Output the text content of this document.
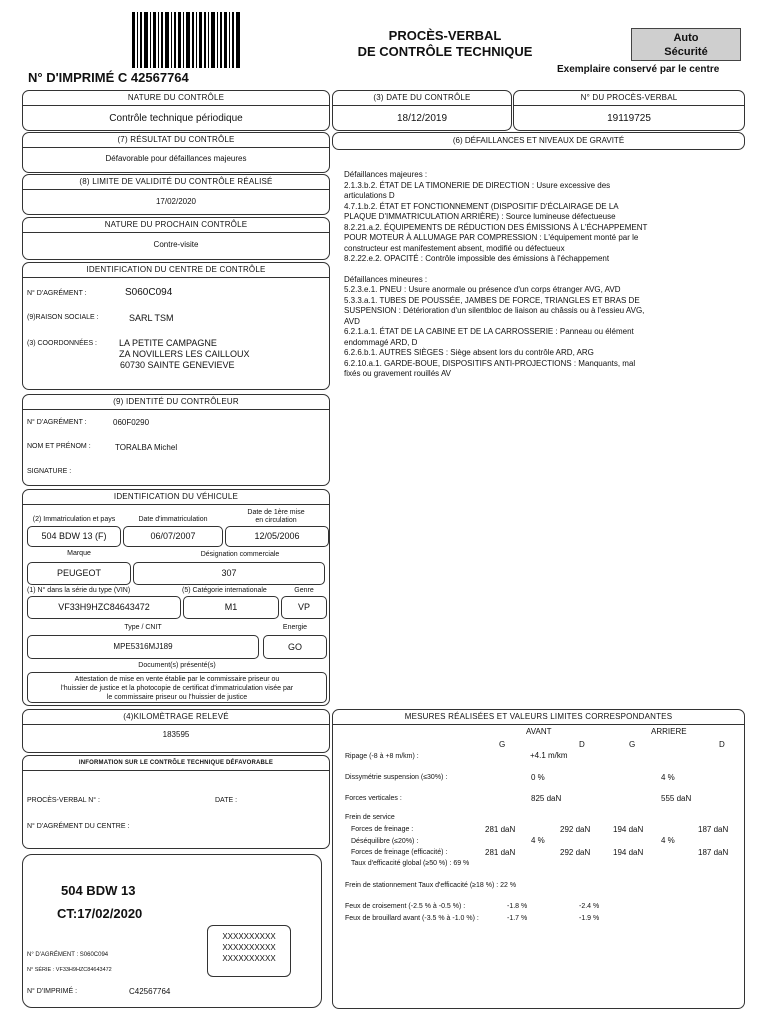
N° D'IMPRIMÉ C 42567764
PROCÈS-VERBAL
DE CONTRÔLE TECHNIQUE
Auto
Sécurité
Exemplaire conservé par le centre
NATURE DU CONTRÔLE
Contrôle technique périodique
(3) DATE DU CONTRÔLE
18/12/2019
N° DU PROCÈS-VERBAL
19119725
(7) RÉSULTAT DU CONTRÔLE
Défavorable pour défaillances majeures
(6) DÉFAILLANCES ET NIVEAUX DE GRAVITÉ
Défaillances majeures :
2.1.3.b.2. ÉTAT DE LA TIMONERIE DE DIRECTION : Usure excessive des
articulations D
4.7.1.b.2. ÉTAT ET FONCTIONNEMENT (DISPOSITIF D'ÉCLAIRAGE DE LA
PLAQUE D'IMMATRICULATION ARRIÈRE) : Source lumineuse défectueuse
8.2.21.a.2. ÉQUIPEMENTS DE RÉDUCTION DES ÉMISSIONS À L'ÉCHAPPEMENT
POUR MOTEUR À ALLUMAGE PAR COMPRESSION : L'équipement monté par le
constructeur est manifestement absent, modifié ou défectueux
8.2.22.e.2. OPACITÉ : Contrôle impossible des émissions à l'échappement
Défaillances mineures :
5.2.3.e.1. PNEU : Usure anormale ou présence d'un corps étranger AVG, AVD
5.3.3.a.1. TUBES DE POUSSÉE, JAMBES DE FORCE, TRIANGLES ET BRAS DE
SUSPENSION : Détérioration d'un silentbloc de liaison au châssis ou à l'essieu AVG,
AVD
6.2.1.a.1. ÉTAT DE LA CABINE ET DE LA CARROSSERIE : Panneau ou élément
endommagé ARD, D
6.2.6.b.1. AUTRES SIÈGES : Siège absent lors du contrôle ARD, ARG
6.2.10.a.1. GARDE-BOUE, DISPOSITIFS ANTI-PROJECTIONS : Manquants, mal
fixés ou gravement rouillés AV
(8) LIMITE DE VALIDITÉ DU CONTRÔLE RÉALISÉ
17/02/2020
NATURE DU PROCHAIN CONTRÔLE
Contre-visite
IDENTIFICATION DU CENTRE DE CONTRÔLE
N° D'AGRÉMENT :	S060C094
(9)RAISON SOCIALE :	SARL TSM
(3) COORDONNÉES : LA PETITE CAMPAGNE
ZA NOVILLERS LES CAILLOUX
60730 SAINTE GENEVIEVE
(9) IDENTITÉ DU CONTRÔLEUR
N° D'AGRÉMENT :	060F0290
NOM ET PRÉNOM :	TORALBA Michel
SIGNATURE :
IDENTIFICATION DU VÉHICULE
(2) Immatriculation et pays	Date d'immatriculation
Date de 1ère mise
en circulation
504 BDW 13 (F)	06/07/2007	12/05/2006
Marque	Désignation commerciale
PEUGEOT	307
(1) N° dans la série du type (VIN)	(5) Catégorie internationale	Genre
VF33H9HZC84643472	M1	VP
Type / CNIT	Energie
MPE5316MJ189	GO
Document(s) présenté(s)
Attestation de mise en vente établie par le commissaire priseur ou
l'huissier de justice et la photocopie de certificat d'immatriculation visée par
le commissaire priseur ou l'huissier de justice
(4)KILOMÈTRAGE RELEVÉ
183595
INFORMATION SUR LE CONTRÔLE TECHNIQUE DÉFAVORABLE
PROCÈS-VERBAL N° :	DATE :
N° D'AGRÉMENT DU CENTRE :
504 BDW 13
CT:17/02/2020
N° D'AGRÉMENT : S060C094
N° SÉRIE : VF33H9HZC84643472
N° D'IMPRIMÉ :	C42567764
XXXXXXXXXX
XXXXXXXXXX
XXXXXXXXXX
MESURES RÉALISÉES ET VALEURS LIMITES CORRESPONDANTES
AVANT	ARRIERE
G	D	G	D
Ripage (-8 à +8 m/km) :	+4.1 m/km
Dissymétrie suspension (≤30%) :	0 %	4 %
Forces verticales :	825 daN	555 daN
Frein de service
Forces de freinage :	281 daN	292 daN	194 daN	187 daN
Déséquilibre (≤20%) :	4 %	4 %
Forces de freinage (efficacité) :	281 daN	292 daN	194 daN	187 daN
Taux d'efficacité global (≥50 %) : 69 %
Frein de stationnement Taux d'efficacité (≥18 %) : 22 %
Feux de croisement (-2.5 % à -0.5 %) :	-1.8 %	-2.4 %
Feux de brouillard avant (-3.5 % à -1.0 %) :	-1.7 %	-1.9 %
